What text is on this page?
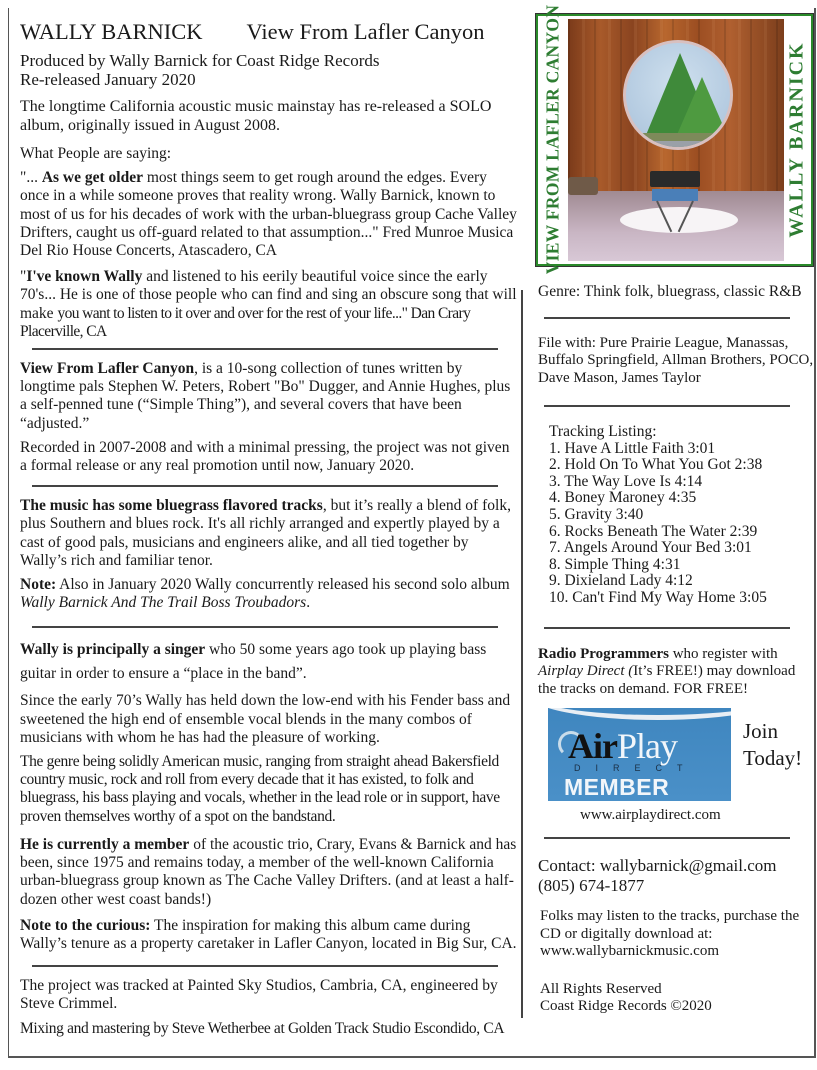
WALLY BARNICK View From Lafler Canyon
Produced by Wally Barnick for Coast Ridge Records
Re-released January 2020

The longtime California acoustic music mainstay has re-released a SOLO album, originally issued in August 2008.

What People are saying:

"... As we get older most things seem to get rough around the edges. Every once in a while someone proves that reality wrong. Wally Barnick, known to most of us for his decades of work with the urban-bluegrass group Cache Valley Drifters, caught us off-guard related to that assumption..." Fred Munroe Musica Del Rio House Concerts, Atascadero, CA

"I've known Wally and listened to his eerily beautiful voice since the early 70's... He is one of those people who can find and sing an obscure song that will make you want to listen to it over and over for the rest of your life..." Dan Crary Placerville, CA

View From Lafler Canyon, is a 10-song collection of tunes written by longtime pals Stephen W. Peters, Robert "Bo" Dugger, and Annie Hughes, plus a self-penned tune (“Simple Thing”), and several covers that have been “adjusted.”

Recorded in 2007-2008 and with a minimal pressing, the project was not given a formal release or any real promotion until now, January 2020.

The music has some bluegrass flavored tracks, but it’s really a blend of folk, plus Southern and blues rock. It's all richly arranged and expertly played by a cast of good pals, musicians and engineers alike, and all tied together by Wally’s rich and familiar tenor.

Note: Also in January 2020 Wally concurrently released his second solo album Wally Barnick And The Trail Boss Troubadors.

Wally is principally a singer who 50 some years ago took up playing bass guitar in order to ensure a “place in the band”.

Since the early 70’s Wally has held down the low-end with his Fender bass and sweetened the high end of ensemble vocal blends in the many combos of musicians with whom he has had the pleasure of working.

The genre being solidly American music, ranging from straight ahead Bakersfield country music, rock and roll from every decade that it has existed, to folk and bluegrass, his bass playing and vocals, whether in the lead role or in support, have proven themselves worthy of a spot on the bandstand.

He is currently a member of the acoustic trio, Crary, Evans & Barnick and has been, since 1975 and remains today, a member of the well-known California urban-bluegrass group known as The Cache Valley Drifters. (and at least a half-dozen other west coast bands!)

Note to the curious: The inspiration for making this album came during Wally’s tenure as a property caretaker in Lafler Canyon, located in Big Sur, CA.

The project was tracked at Painted Sky Studios, Cambria, CA, engineered by Steve Crimmel.

Mixing and mastering by Steve Wetherbee at Golden Track Studio Escondido, CA

VIEW FROM LAFLER CANYON	WALLY BARNICK

Genre: Think folk, bluegrass, classic R&B

File with: Pure Prairie League, Manassas, Buffalo Springfield, Allman Brothers, POCO, Dave Mason, James Taylor

Tracking Listing:
1. Have A Little Faith 3:01
2. Hold On To What You Got 2:38
3. The Way Love Is 4:14
4. Boney Maroney 4:35
5. Gravity 3:40
6. Rocks Beneath The Water 2:39
7. Angels Around Your Bed 3:01
8. Simple Thing 4:31
9. Dixieland Lady 4:12
10. Can't Find My Way Home 3:05

Radio Programmers who register with Airplay Direct (It’s FREE!) may download the tracks on demand. FOR FREE!

AirPlay
DIRECT
MEMBER
Join
Today!
www.airplaydirect.com
Contact: wallybarnick@gmail.com
(805) 674-1877

Folks may listen to the tracks, purchase the CD or digitally download at:
www.wallybarnickmusic.com

All Rights Reserved
Coast Ridge Records ©2020
